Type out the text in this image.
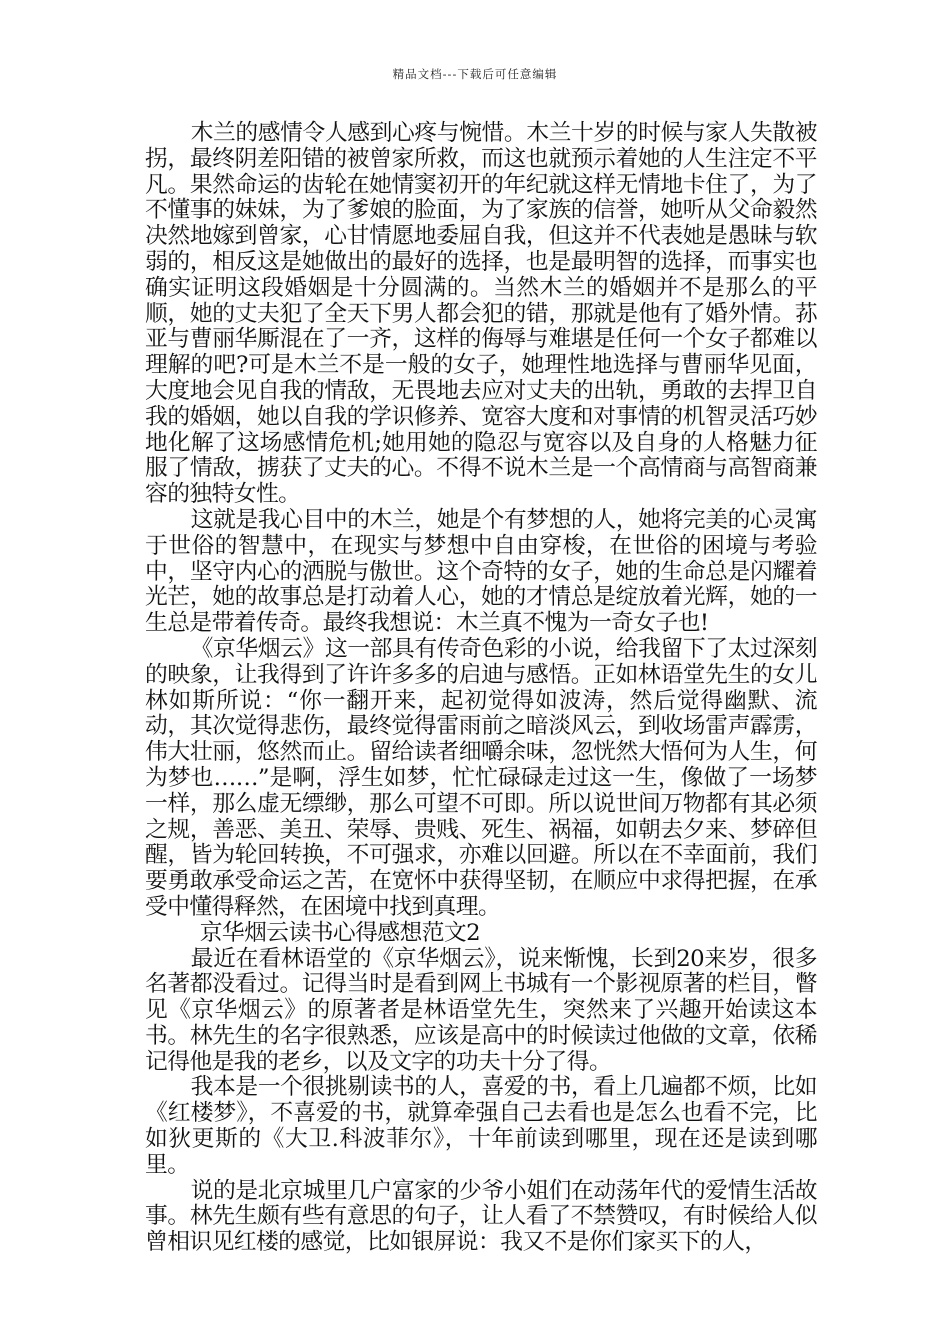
精品文档---下载后可任意编辑

木兰的感情令人感到心疼与惋惜。木兰十岁的时候与家人失散被拐，最终阴差阳错的被曾家所救，而这也就预示着她的人生注定不平凡。果然命运的齿轮在她情窦初开的年纪就这样无情地卡住了，为了不懂事的妹妹，为了爹娘的脸面，为了家族的信誉，她听从父命毅然决然地嫁到曾家，心甘情愿地委屈自我，但这并不代表她是愚昧与软弱的，相反这是她做出的最好的选择，也是最明智的选择，而事实也确实证明这段婚姻是十分圆满的。当然木兰的婚姻并不是那么的平顺，她的丈夫犯了全天下男人都会犯的错，那就是他有了婚外情。荪亚与曹丽华厮混在了一齐，这样的侮辱与难堪是任何一个女子都难以理解的吧?可是木兰不是一般的女子，她理性地选择与曹丽华见面，大度地会见自我的情敌，无畏地去应对丈夫的出轨，勇敢的去捍卫自我的婚姻，她以自我的学识修养、宽容大度和对事情的机智灵活巧妙地化解了这场感情危机;她用她的隐忍与宽容以及自身的人格魅力征服了情敌，掳获了丈夫的心。不得不说木兰是一个高情商与高智商兼容的独特女性。

这就是我心目中的木兰，她是个有梦想的人，她将完美的心灵寓于世俗的智慧中，在现实与梦想中自由穿梭，在世俗的困境与考验中，坚守内心的洒脱与傲世。这个奇特的女子，她的生命总是闪耀着光芒，她的故事总是打动着人心，她的才情总是绽放着光辉，她的一生总是带着传奇。最终我想说：木兰真不愧为一奇女子也!

《京华烟云》这一部具有传奇色彩的小说，给我留下了太过深刻的映象，让我得到了许许多多的启迪与感悟。正如林语堂先生的女儿林如斯所说：“你一翻开来，起初觉得如波涛，然后觉得幽默、流动，其次觉得悲伤，最终觉得雷雨前之暗淡风云，到收场雷声霹雳，伟大壮丽，悠然而止。留给读者细嚼余味，忽恍然大悟何为人生，何为梦也……”是啊，浮生如梦，忙忙碌碌走过这一生，像做了一场梦一样，那么虚无缥缈，那么可望不可即。所以说世间万物都有其必须之规，善恶、美丑、荣辱、贵贱、死生、祸福，如朝去夕来、梦碎但醒，皆为轮回转换，不可强求，亦难以回避。所以在不幸面前，我们要勇敢承受命运之苦，在宽怀中获得坚韧，在顺应中求得把握，在承受中懂得释然，在困境中找到真理。

京华烟云读书心得感想范文2

最近在看林语堂的《京华烟云》，说来惭愧，长到20来岁，很多名著都没看过。记得当时是看到网上书城有一个影视原著的栏目，瞥见《京华烟云》的原著者是林语堂先生，突然来了兴趣开始读这本书。林先生的名字很熟悉，应该是高中的时候读过他做的文章，依稀记得他是我的老乡，以及文字的功夫十分了得。

我本是一个很挑剔读书的人，喜爱的书，看上几遍都不烦，比如《红楼梦》，不喜爱的书，就算牵强自己去看也是怎么也看不完，比如狄更斯的《大卫.科波菲尔》，十年前读到哪里，现在还是读到哪里。

说的是北京城里几户富家的少爷小姐们在动荡年代的爱情生活故事。林先生颇有些有意思的句子，让人看了不禁赞叹，有时候给人似曾相识见红楼的感觉，比如银屏说：我又不是你们家买下的人，
